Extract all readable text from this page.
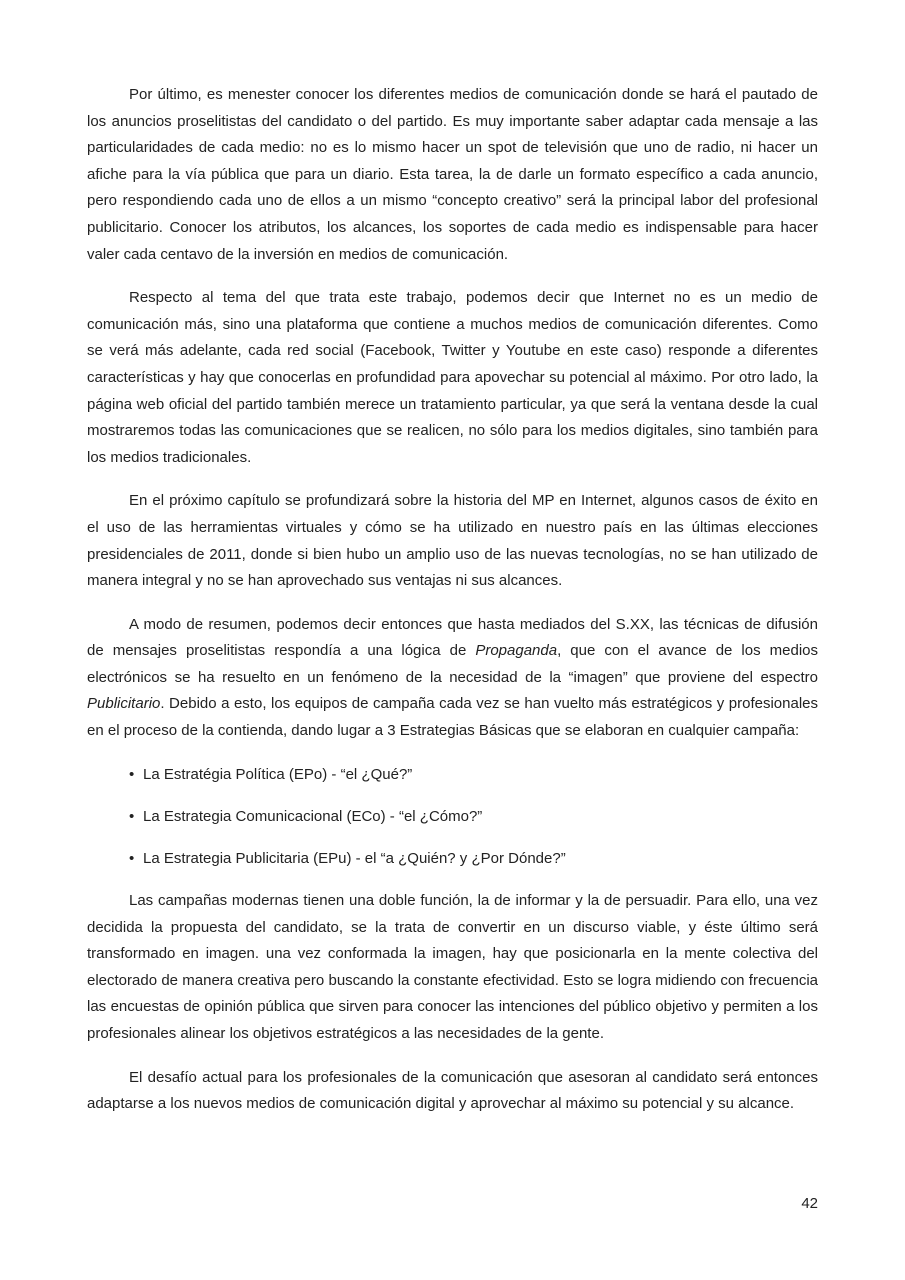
Por último, es menester conocer los diferentes medios de comunicación donde se hará el pautado de los anuncios proselitistas del candidato o del partido. Es muy importante saber adaptar cada mensaje a las particularidades de cada medio: no es lo mismo hacer un spot de televisión que uno de radio, ni hacer un afiche para la vía pública que para un diario. Esta tarea, la de darle un formato específico a cada anuncio, pero respondiendo cada uno de ellos a un mismo “concepto creativo” será la principal labor del profesional publicitario. Conocer los atributos, los alcances, los soportes de cada medio es indispensable para hacer valer cada centavo de la inversión en medios de comunicación.

Respecto al tema del que trata este trabajo, podemos decir que Internet no es un medio de comunicación más, sino una plataforma que contiene a muchos medios de comunicación diferentes. Como se verá más adelante, cada red social (Facebook, Twitter y Youtube en este caso) responde a diferentes características y hay que conocerlas en profundidad para apovechar su potencial al máximo. Por otro lado, la página web oficial del partido también merece un tratamiento particular, ya que será la ventana desde la cual mostraremos todas las comunicaciones que se realicen, no sólo para los medios digitales, sino también para los medios tradicionales.

En el próximo capítulo se profundizará sobre la historia del MP en Internet, algunos casos de éxito en el uso de las herramientas virtuales y cómo se ha utilizado en nuestro país en las últimas elecciones presidenciales de 2011, donde si bien hubo un amplio uso de las nuevas tecnologías, no se han utilizado de manera integral y no se han aprovechado sus ventajas ni sus alcances.

A modo de resumen, podemos decir entonces que hasta mediados del S.XX, las técnicas de difusión de mensajes proselitistas respondía a una lógica de Propaganda, que con el avance de los medios electrónicos se ha resuelto en un fenómeno de la necesidad de la “imagen” que proviene del espectro Publicitario. Debido a esto, los equipos de campaña cada vez se han vuelto más estratégicos y profesionales en el proceso de la contienda, dando lugar a 3 Estrategias Básicas que se elaboran en cualquier campaña:

• La Estratégia Política (EPo) - “el ¿Qué?”
• La Estrategia Comunicacional (ECo) - “el ¿Cómo?”
• La Estrategia Publicitaria (EPu) - el “a ¿Quién? y ¿Por Dónde?”

Las campañas modernas tienen una doble función, la de informar y la de persuadir. Para ello, una vez decidida la propuesta del candidato, se la trata de convertir en un discurso viable, y éste último será transformado en imagen. una vez conformada la imagen, hay que posicionarla en la mente colectiva del electorado de manera creativa pero buscando la constante efectividad. Esto se logra midiendo con frecuencia las encuestas de opinión pública que sirven para conocer las intenciones del público objetivo y permiten a los profesionales alinear los objetivos estratégicos a las necesidades de la gente.

El desafío actual para los profesionales de la comunicación que asesoran al candidato será entonces adaptarse a los nuevos medios de comunicación digital y aprovechar al máximo su potencial y su alcance.

42
